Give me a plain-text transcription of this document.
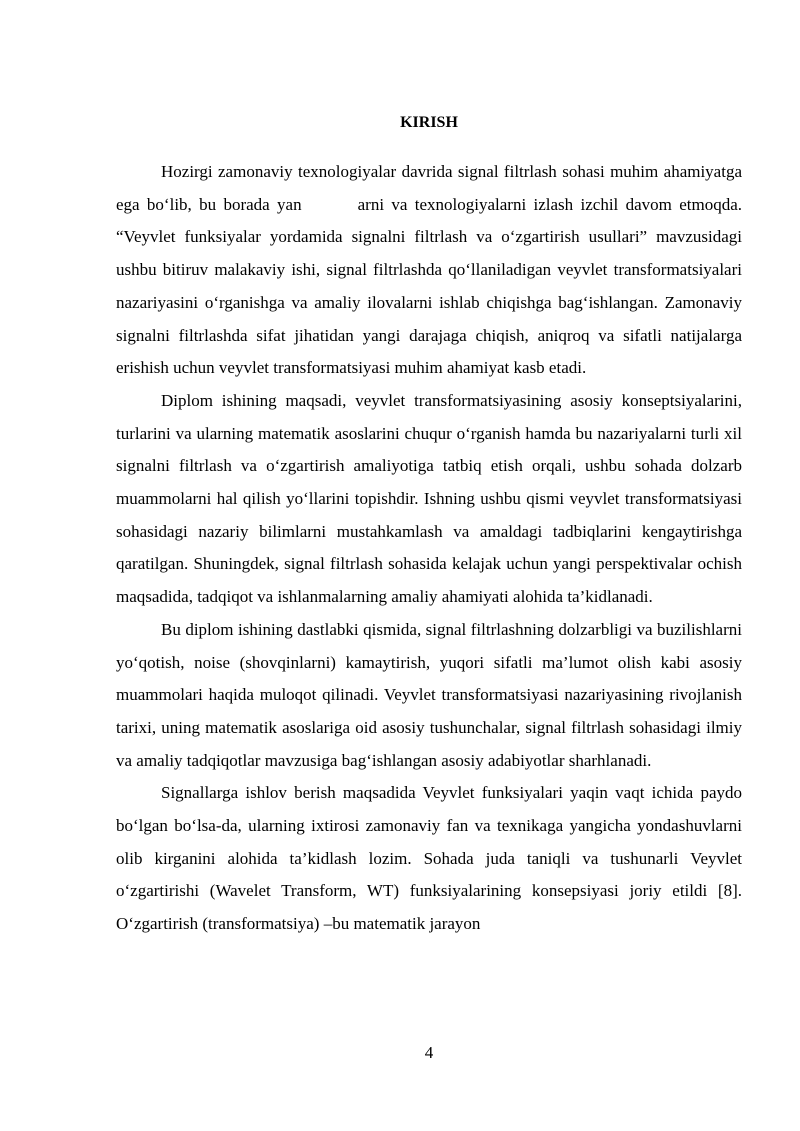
KIRISH

Hozirgi zamonaviy texnologiyalar davrida signal filtrlash sohasi muhim ahamiyatga ega bo‘lib, bu borada yan	arni va texnologiyalarni izlash izchil davom etmoqda. “Veyvlet funksiyalar yordamida signalni filtrlash va o‘zgartirish usullari” mavzusidagi ushbu bitiruv malakaviy ishi, signal filtrlashda qo‘llaniladigan veyvlet transformatsiyalari nazariyasini o‘rganishga va amaliy ilovalarni ishlab chiqishga bag‘ishlangan. Zamonaviy signalni filtrlashda sifat jihatidan yangi darajaga chiqish, aniqroq va sifatli natijalarga erishish uchun veyvlet transformatsiyasi muhim ahamiyat kasb etadi.

Diplom ishining maqsadi, veyvlet transformatsiyasining asosiy konseptsiyalarini, turlarini va ularning matematik asoslarini chuqur o‘rganish hamda bu nazariyalarni turli xil signalni filtrlash va o‘zgartirish amaliyotiga tatbiq etish orqali, ushbu sohada dolzarb muammolarni hal qilish yo‘llarini topishdir. Ishning ushbu qismi veyvlet transformatsiyasi sohasidagi nazariy bilimlarni mustahkamlash va amaldagi tadbiqlarini kengaytirishga qaratilgan. Shuningdek, signal filtrlash sohasida kelajak uchun yangi perspektivalar ochish maqsadida, tadqiqot va ishlanmalarning amaliy ahamiyati alohida ta’kidlanadi.

Bu diplom ishining dastlabki qismida, signal filtrlashning dolzarbligi va buzilishlarni yo‘qotish, noise (shovqinlarni) kamaytirish, yuqori sifatli ma’lumot olish kabi asosiy muammolari haqida muloqot qilinadi. Veyvlet transformatsiyasi nazariyasining rivojlanish tarixi, uning matematik asoslariga oid asosiy tushunchalar, signal filtrlash sohasidagi ilmiy va amaliy tadqiqotlar mavzusiga bag‘ishlangan asosiy adabiyotlar sharhlanadi.

Signallarga ishlov berish maqsadida Veyvlet funksiyalari yaqin vaqt ichida paydo bo‘lgan bo‘lsa-da, ularning ixtirosi zamonaviy fan va texnikaga yangicha yondashuvlarni olib kirganini alohida ta’kidlash lozim. Sohada juda taniqli va tushunarli Veyvlet o‘zgartirishi (Wavelet Transform, WT) funksiyalarining konsepsiyasi joriy etildi [8]. O‘zgartirish (transformatsiya) –bu matematik jarayon

4
